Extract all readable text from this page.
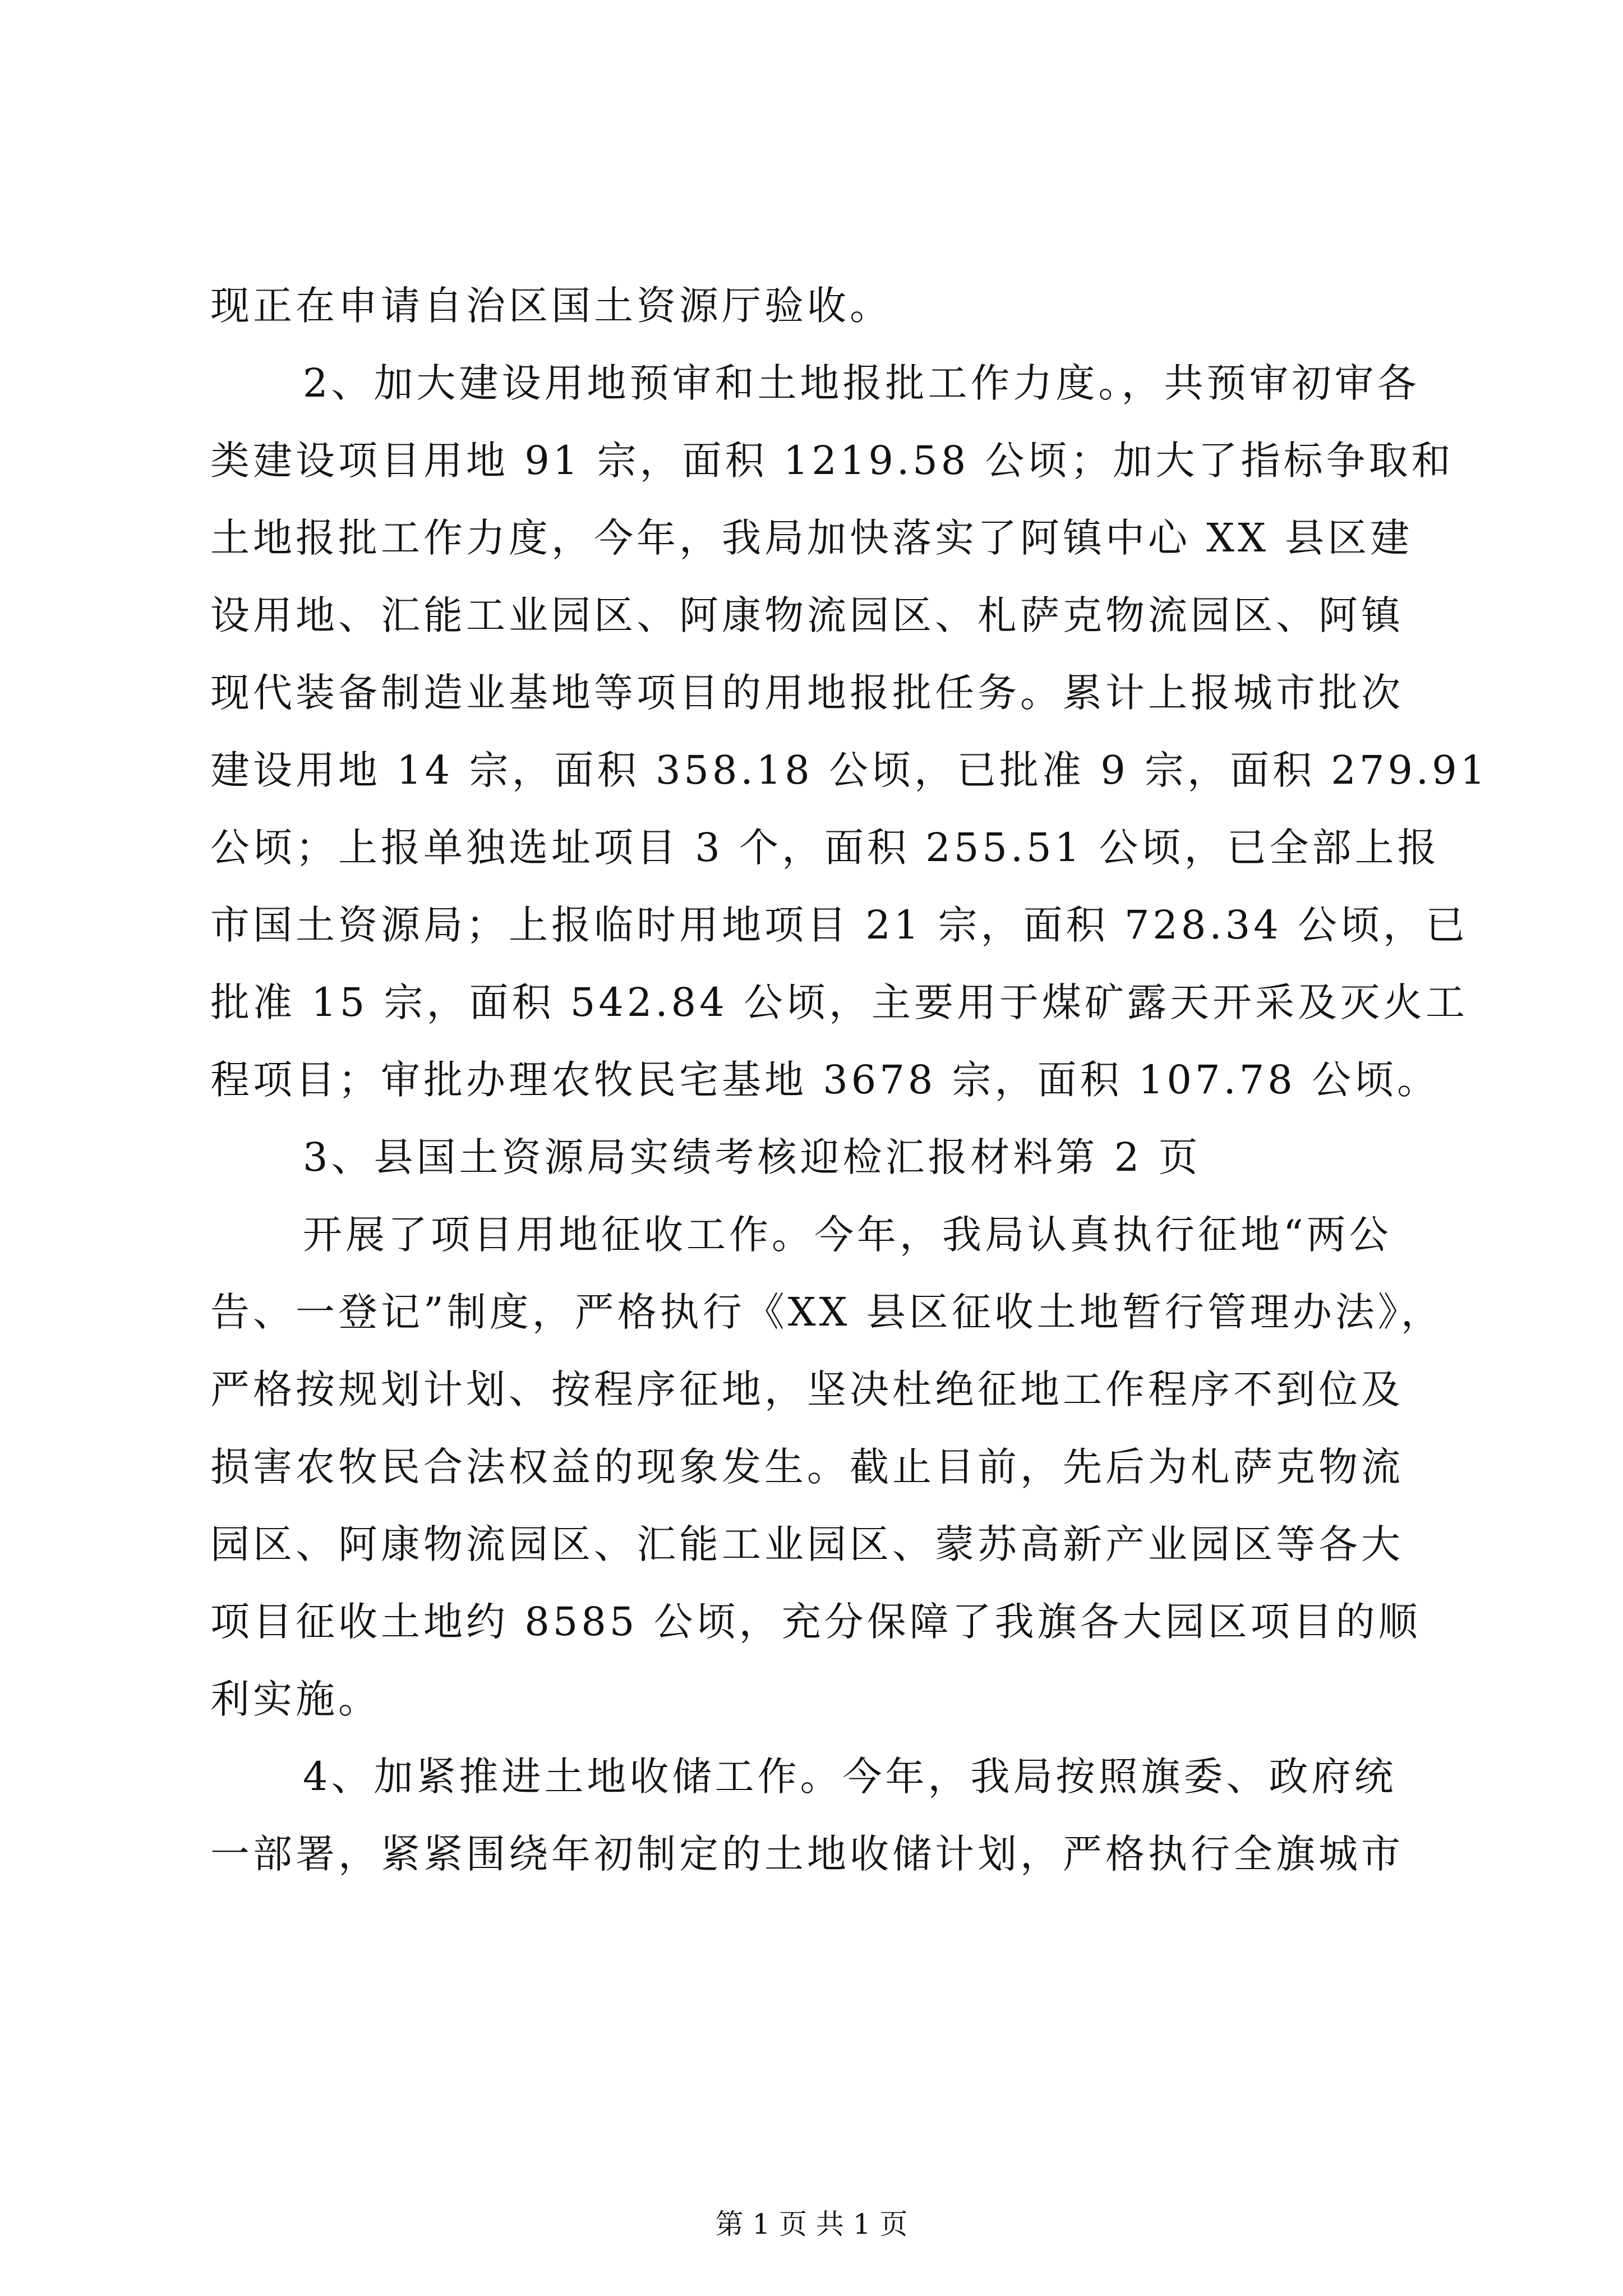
现正在申请自治区国土资源厅验收。
2、加大建设用地预审和土地报批工作力度。，共预审初审各
类建设项目用地 91 宗，面积 1219.58 公顷；加大了指标争取和
土地报批工作力度，今年，我局加快落实了阿镇中心 XX 县区建
设用地、汇能工业园区、阿康物流园区、札萨克物流园区、阿镇
现代装备制造业基地等项目的用地报批任务。累计上报城市批次
建设用地 14 宗，面积 358.18 公顷，已批准 9 宗，面积 279.91
公顷；上报单独选址项目 3 个，面积 255.51 公顷，已全部上报
市国土资源局；上报临时用地项目 21 宗，面积 728.34 公顷，已
批准 15 宗，面积 542.84 公顷，主要用于煤矿露天开采及灭火工
程项目；审批办理农牧民宅基地 3678 宗，面积 107.78 公顷。
3、县国土资源局实绩考核迎检汇报材料第 2 页
开展了项目用地征收工作。今年，我局认真执行征地“两公
告、一登记”制度，严格执行《XX 县区征收土地暂行管理办法》，
严格按规划计划、按程序征地，坚决杜绝征地工作程序不到位及
损害农牧民合法权益的现象发生。截止目前，先后为札萨克物流
园区、阿康物流园区、汇能工业园区、蒙苏高新产业园区等各大
项目征收土地约 8585 公顷，充分保障了我旗各大园区项目的顺
利实施。
4、加紧推进土地收储工作。今年，我局按照旗委、政府统
一部署，紧紧围绕年初制定的土地收储计划，严格执行全旗城市
第 1 页 共 1 页
